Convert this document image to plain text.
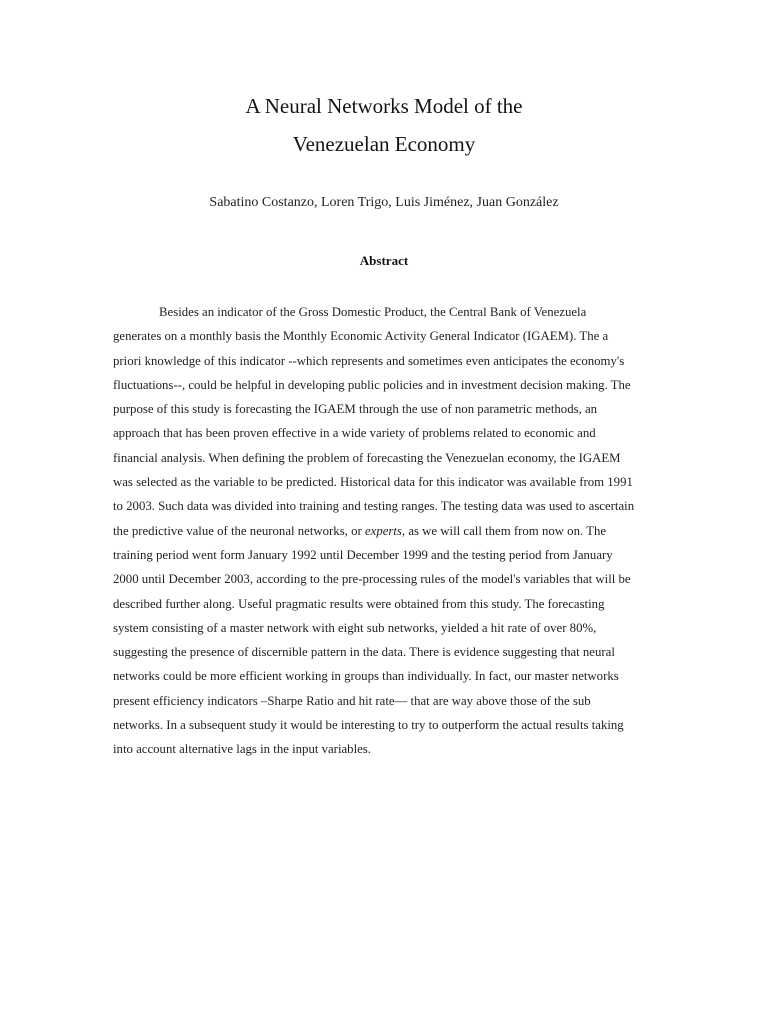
A Neural Networks Model of the
Venezuelan Economy
Sabatino Costanzo, Loren Trigo, Luis Jiménez, Juan González
Abstract
Besides an indicator of the Gross Domestic Product, the Central Bank of Venezuela
generates on a monthly basis the Monthly Economic Activity General Indicator (IGAEM). The a
priori knowledge of this indicator --which represents and sometimes even anticipates the economy's
fluctuations--, could be helpful in developing public policies and in investment decision making. The
purpose of this study is forecasting the IGAEM through the use of non parametric methods, an
approach that has been proven effective in a wide variety of problems related to economic and
financial analysis. When defining the problem of forecasting the Venezuelan economy, the IGAEM
was selected as the variable to be predicted. Historical data for this indicator was available from 1991
to 2003. Such data was divided into training and testing ranges. The testing data was used to ascertain
the predictive value of the neuronal networks, or experts, as we will call them from now on. The
training period went form January 1992 until December 1999 and the testing period from January
2000 until December 2003, according to the pre-processing rules of the model's variables that will be
described further along. Useful pragmatic results were obtained from this study. The forecasting
system consisting of a master network with eight sub networks, yielded a hit rate of over 80%,
suggesting the presence of discernible pattern in the data. There is evidence suggesting that neural
networks could be more efficient working in groups than individually. In fact, our master networks
present efficiency indicators –Sharpe Ratio and hit rate— that are way above those of the sub
networks. In a subsequent study it would be interesting to try to outperform the actual results taking
into account alternative lags in the input variables.
